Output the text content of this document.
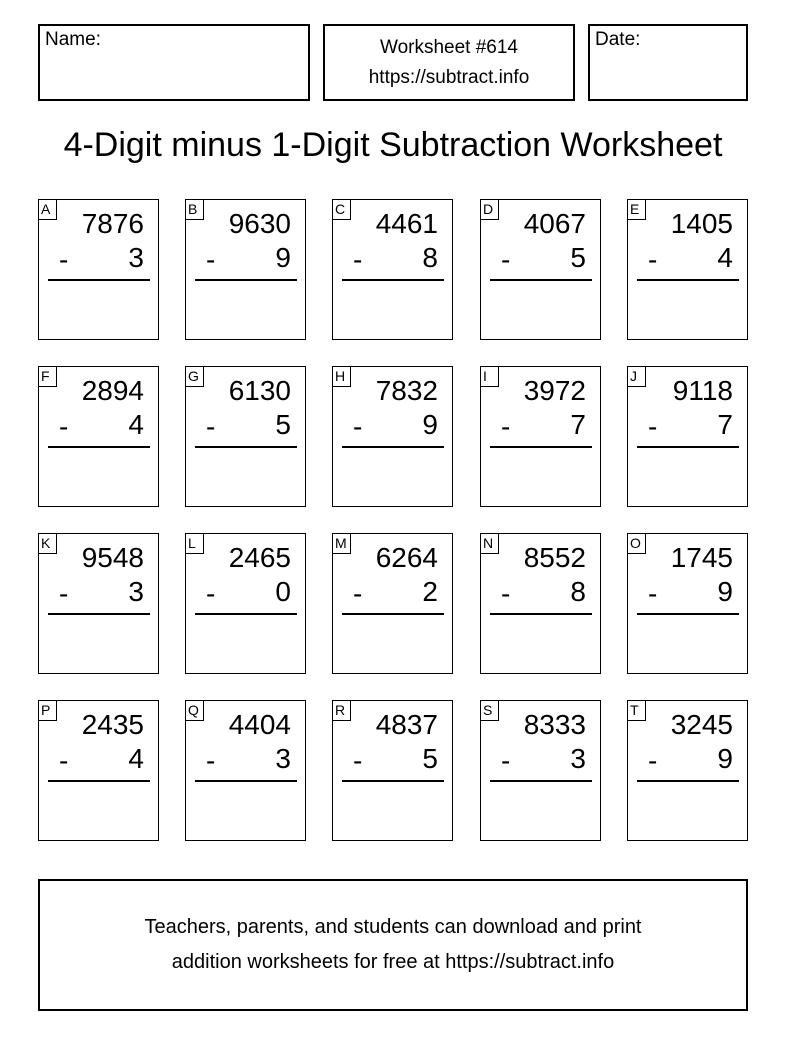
Name:	Worksheet #614
https://subtract.info
Date:
4-Digit minus 1-Digit Subtraction Worksheet
A 7876
- 3
B 9630
- 9
C 4461
- 8
D 4067
- 5
E 1405
- 4
F 2894
- 4
G 6130
- 5
H 7832
- 9
I	3972
- 7
J	9118
- 7
K 9548
- 3
L 2465
- 0
M 6264
- 2
N 8552
- 8
O 1745
- 9
P 2435
- 4
Q 4404
- 3
R 4837
- 5
S 8333
- 3
T 3245
- 9
Teachers, parents, and students can download and print
addition worksheets for free at https://subtract.info
